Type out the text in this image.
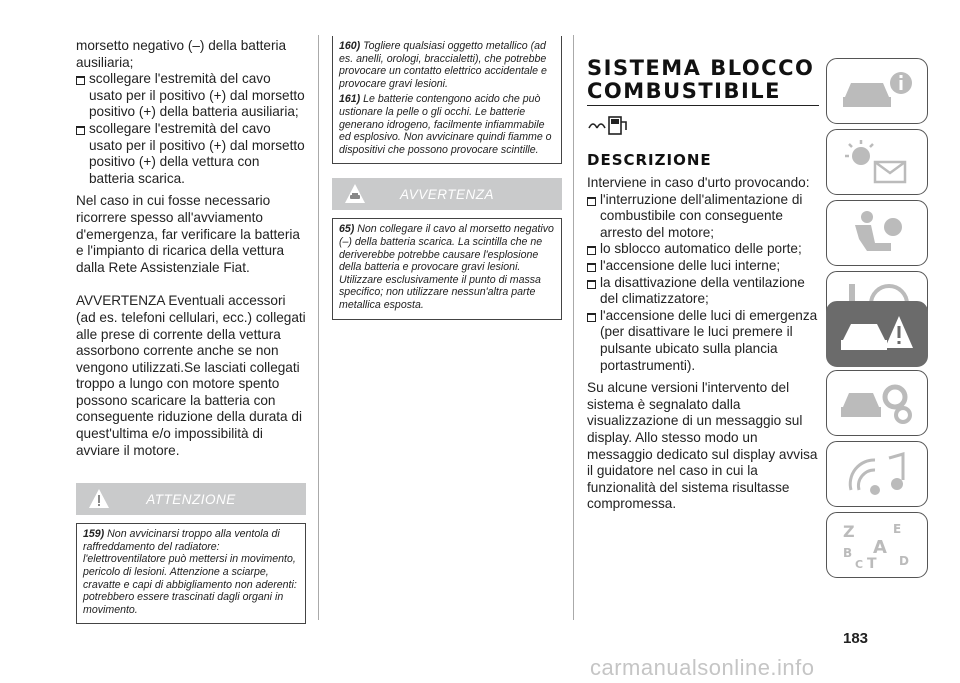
morsetto negativo (–) della batteria ausiliaria;

scollegare l'estremità del cavo usato per il positivo (+) dal morsetto positivo (+) della batteria ausiliaria;

scollegare l'estremità del cavo usato per il positivo (+) dal morsetto positivo (+) della vettura con batteria scarica.

Nel caso in cui fosse necessario ricorrere spesso all'avviamento d'emergenza, far verificare la batteria e l'impianto di ricarica della vettura dalla Rete Assistenziale Fiat.

AVVERTENZA Eventuali accessori (ad es. telefoni cellulari, ecc.) collegati alle prese di corrente della vettura assorbono corrente anche se non vengono utilizzati.Se lasciati collegati troppo a lungo con motore spento possono scaricare la batteria con conseguente riduzione della durata di quest'ultima e/o impossibilità di avviare il motore.

ATTENZIONE

159) Non avvicinarsi troppo alla ventola di raffreddamento del radiatore: l'elettroventilatore può mettersi in movimento, pericolo di lesioni. Attenzione a sciarpe, cravatte e capi di abbigliamento non aderenti: potrebbero essere trascinati dagli organi in movimento.

160) Togliere qualsiasi oggetto metallico (ad es. anelli, orologi, braccialetti), che potrebbe provocare un contatto elettrico accidentale e provocare gravi lesioni.

161) Le batterie contengono acido che può ustionare la pelle o gli occhi. Le batterie generano idrogeno, facilmente infiammabile ed esplosivo. Non avvicinare quindi fiamme o dispositivi che possono provocare scintille.

AVVERTENZA

65) Non collegare il cavo al morsetto negativo (–) della batteria scarica. La scintilla che ne deriverebbe potrebbe causare l'esplosione della batteria e provocare gravi lesioni. Utilizzare esclusivamente il punto di massa specifico; non utilizzare nessun'altra parte metallica esposta.

SISTEMA BLOCCO
COMBUSTIBILE
DESCRIZIONE

Interviene in caso d'urto provocando:

l'interruzione dell'alimentazione di combustibile con conseguente arresto del motore;

lo sblocco automatico delle porte;

l'accensione delle luci interne;

la disattivazione della ventilazione del climatizzatore;

l'accensione delle luci di emergenza (per disattivare le luci premere il pulsante ubicato sulla plancia portastrumenti).

Su alcune versioni l'intervento del sistema è segnalato dalla visualizzazione di un messaggio sul display. Allo stesso modo un messaggio dedicato sul display avvisa il guidatore nel caso in cui la funzionalità del sistema risultasse compromessa.

Z	E
A
B
C T D
183
carmanualsonline.info
